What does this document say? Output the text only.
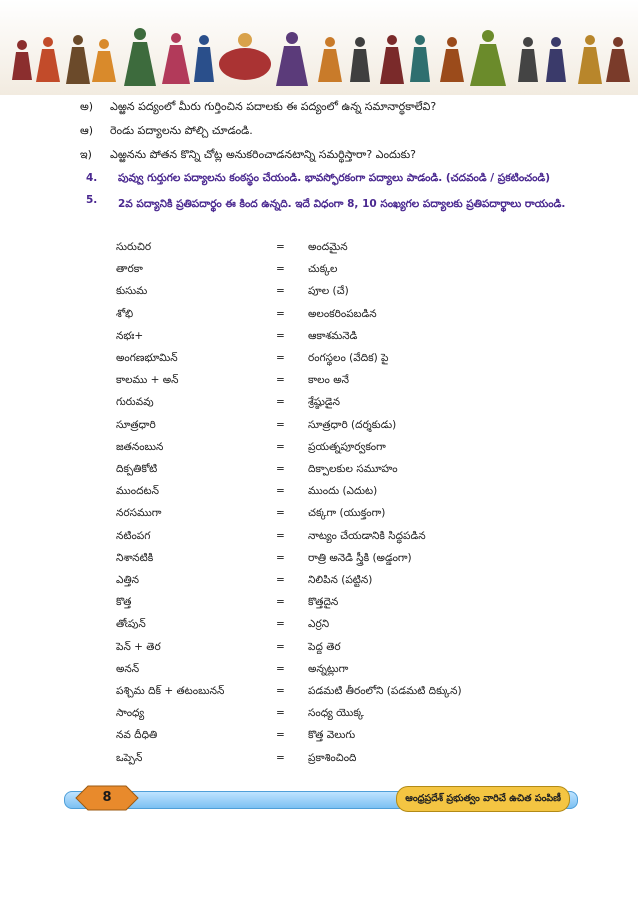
అ) ఎఱ్ఱన పద్యంలో మీరు గుర్తించిన పదాలకు ఈ పద్యంలో ఉన్న సమానార్థకాలేవి?
ఆ) రెండు పద్యాలను పోల్చి చూడండి.
ఇ) ఎఱ్ఱనను పోతన కొన్ని చోట్ల అనుకరించాడనటాన్ని సమర్థిస్తారా? ఎందుకు?
4.	పువ్వు గుర్తుగల పద్యాలను కంఠస్థం చేయండి. భావస్ఫోరకంగా పద్యాలు పాడండి. (చదవండి / ప్రకటించండి)
5.	2వ పద్యానికి ప్రతిపదార్థం ఈ కింద ఉన్నది. ఇదే విధంగా 8, 10 సంఖ్యగల పద్యాలకు ప్రతిపదార్థాలు రాయండి.
సురుచిర	= అందమైన
తారకా	= చుక్కల
కుసుమ	= పూల (చే)
శోభి	= అలంకరింపబడిన
నభః+	= ఆకాశమనెడి
అంగణభూమిన్	= రంగస్థలం (వేదిక) పై
కాలము + అన్	= కాలం అనే
గురువవు	= శ్రేష్ఠుడైన
సూత్రధారి	= సూత్రధారి (దర్శకుడు)
జతనంబున	= ప్రయత్నపూర్వకంగా
దిక్పతికోటి	= దిక్పాలకుల సమూహం
ముందటన్	= ముందు (ఎదుట)
నరసముగా	= చక్కగా (యుక్తంగా)
నటింపగ	= నాట్యం చేయడానికి సిద్ధపడిన
నిశానటికి	= రాత్రి అనెడి స్త్రీకి (అడ్డంగా)
ఎత్తిన	= నిలిపిన (పట్టిన)
కొత్త	= కొత్తదైన
తోఁపున్	= ఎర్రని
పెన్ + తెర	= పెద్ద తెర
అనన్	= అన్నట్లుగా
పశ్చిమ దిక్ + తటంబునన్	= పడమటి తీరంలోని (పడమటి దిక్కున)
సాంధ్య	= సంధ్య యొక్క
నవ దీధితి	= కొత్త వెలుగు
ఒప్పెన్	= ప్రకాశించింది
8	ఆంధ్రప్రదేశ్ ప్రభుత్వం వారిచే ఉచిత పంపిణీ
